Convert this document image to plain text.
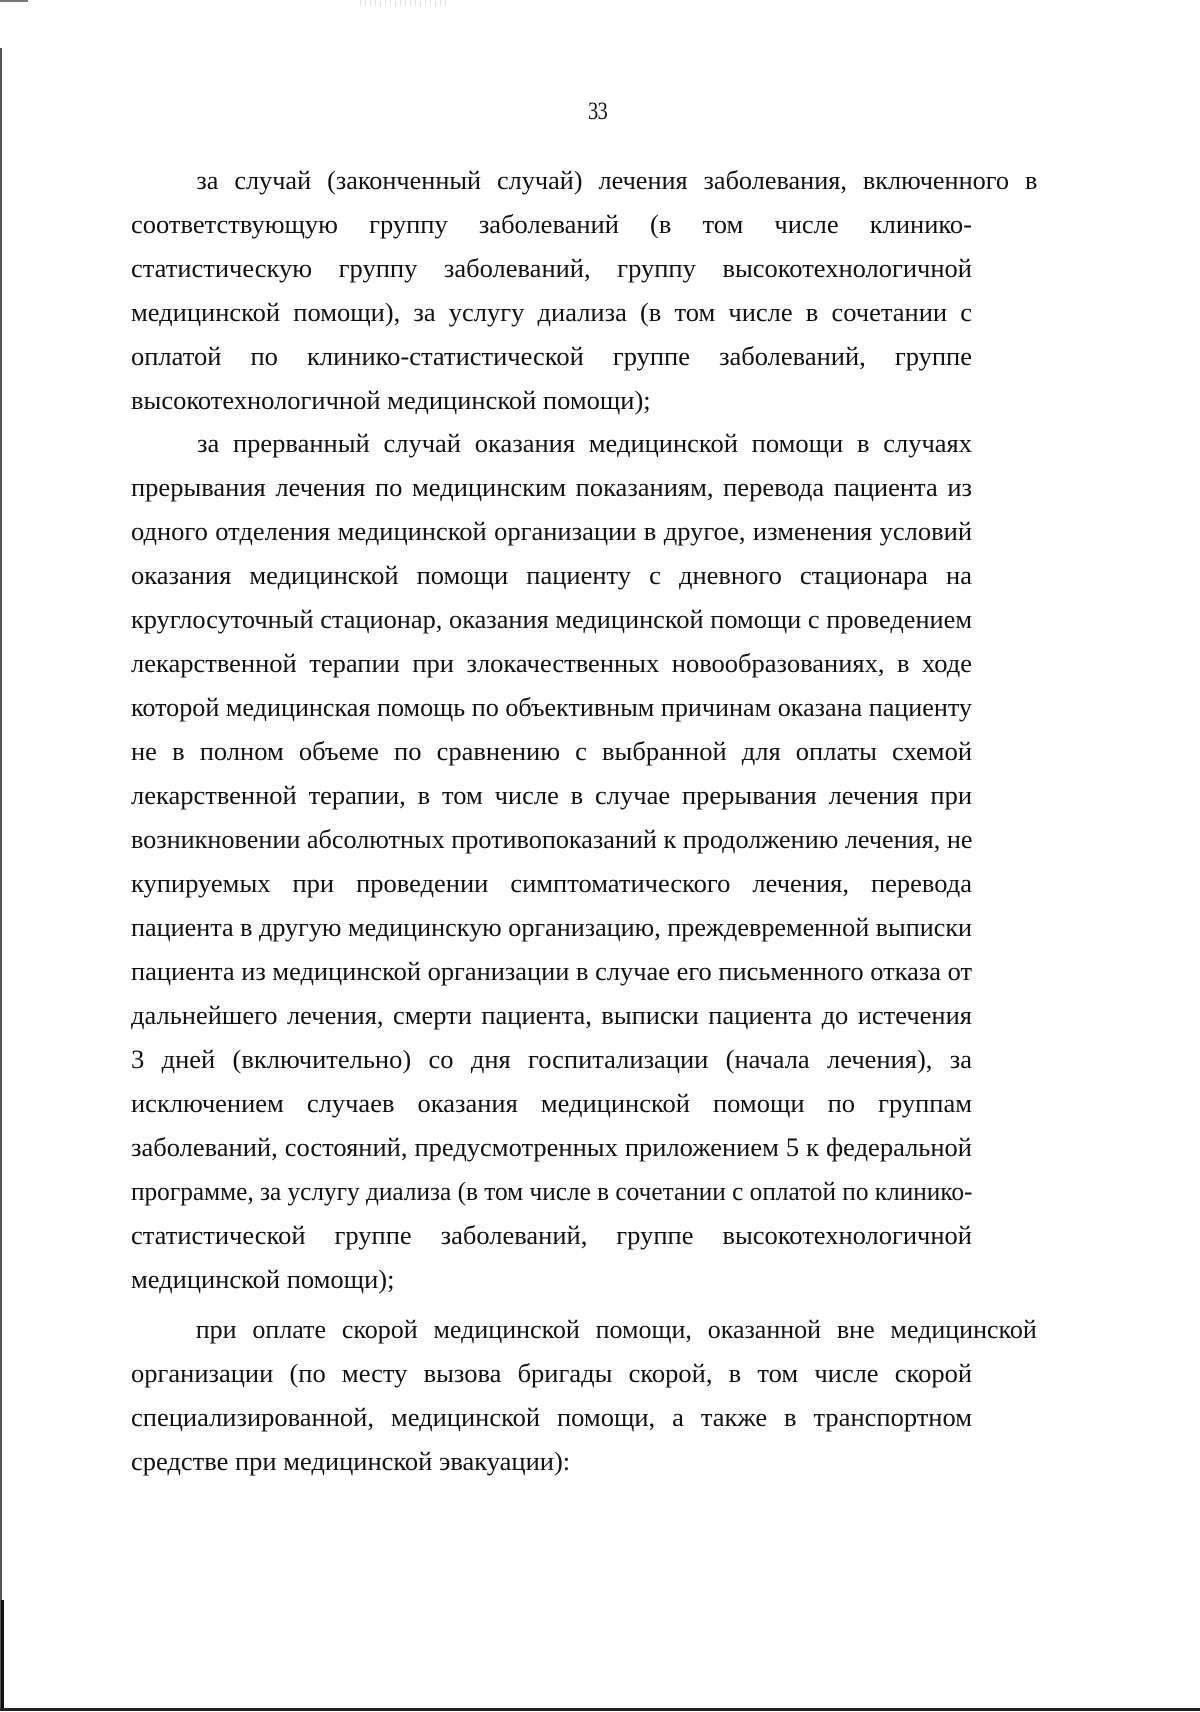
33
за случай (законченный случай) лечения заболевания, включенного в
соответствующую группу заболеваний (в том числе клинико-
статистическую группу заболеваний, группу высокотехнологичной
медицинской помощи), за услугу диализа (в том числе в сочетании с
оплатой по клинико-статистической группе заболеваний, группе
высокотехнологичной медицинской помощи);
за прерванный случай оказания медицинской помощи в случаях
прерывания лечения по медицинским показаниям, перевода пациента из
одного отделения медицинской организации в другое, изменения условий
оказания медицинской помощи пациенту с дневного стационара на
круглосуточный стационар, оказания медицинской помощи с проведением
лекарственной терапии при злокачественных новообразованиях, в ходе
которой медицинская помощь по объективным причинам оказана пациенту
не в полном объеме по сравнению с выбранной для оплаты схемой
лекарственной терапии, в том числе в случае прерывания лечения при
возникновении абсолютных противопоказаний к продолжению лечения, не
купируемых при проведении симптоматического лечения, перевода
пациента в другую медицинскую организацию, преждевременной выписки
пациента из медицинской организации в случае его письменного отказа от
дальнейшего лечения, смерти пациента, выписки пациента до истечения
3 дней (включительно) со дня госпитализации (начала лечения), за
исключением случаев оказания медицинской помощи по группам
заболеваний, состояний, предусмотренных приложением 5 к федеральной
программе, за услугу диализа (в том числе в сочетании с оплатой по клинико-
статистической группе заболеваний, группе высокотехнологичной
медицинской помощи);
при оплате скорой медицинской помощи, оказанной вне медицинской
организации (по месту вызова бригады скорой, в том числе скорой
специализированной, медицинской помощи, а также в транспортном
средстве при медицинской эвакуации):
